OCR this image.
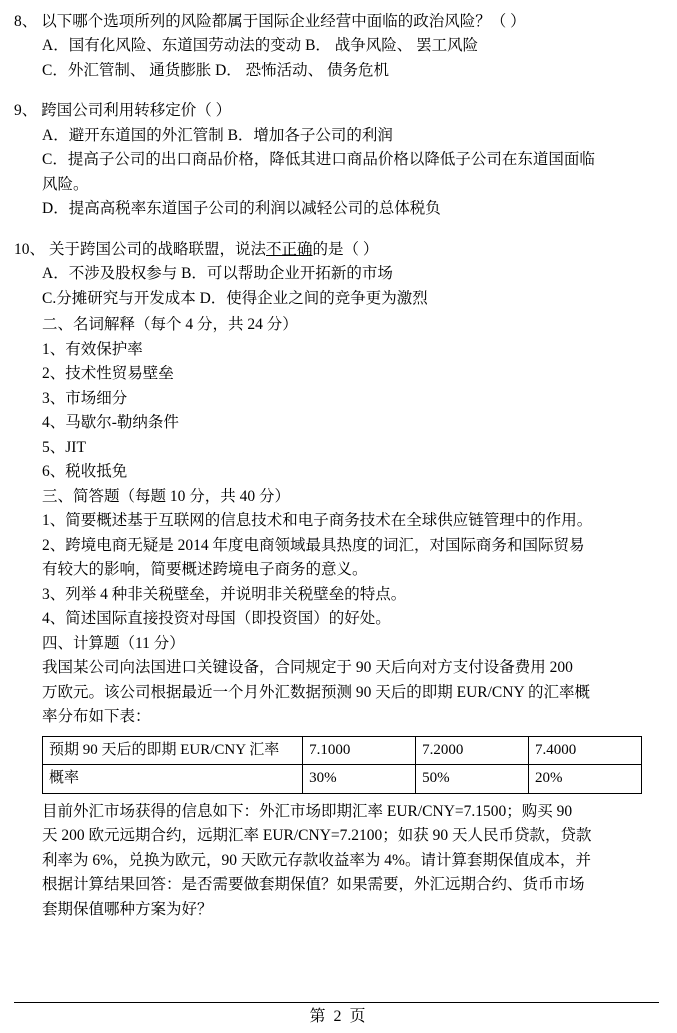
8、 以下哪个选项所列的风险都属于国际企业经营中面临的政治风险？（ ）
A．国有化风险、东道国劳动法的变动 B． 战争风险、 罢工风险
C．外汇管制、 通货膨胀 D． 恐怖活动、 债务危机
9、 跨国公司利用转移定价（ ）
A．避开东道国的外汇管制 B．增加各子公司的利润
C．提高子公司的出口商品价格，降低其进口商品价格以降低子公司在东道国面临
风险。
D．提高高税率东道国子公司的利润以减轻公司的总体税负
10、 关于跨国公司的战略联盟，说法不正确的是（ ）
A．不涉及股权参与 B．可以帮助企业开拓新的市场
C.分摊研究与开发成本 D．使得企业之间的竞争更为激烈
二、名词解释（每个 4 分，共 24 分）
1、有效保护率
2、技术性贸易壁垒
3、市场细分
4、马歇尔-勒纳条件
5、JIT
6、税收抵免
三、简答题（每题 10 分，共 40 分）
1、简要概述基于互联网的信息技术和电子商务技术在全球供应链管理中的作用。
2、跨境电商无疑是 2014 年度电商领域最具热度的词汇，对国际商务和国际贸易
有较大的影响，简要概述跨境电子商务的意义。
3、列举 4 种非关税壁垒，并说明非关税壁垒的特点。
4、简述国际直接投资对母国（即投资国）的好处。
四、计算题（11 分）
我国某公司向法国进口关键设备，合同规定于 90 天后向对方支付设备费用 200
万欧元。该公司根据最近一个月外汇数据预测 90 天后的即期 EUR/CNY 的汇率概
率分布如下表：
预期 90 天后的即期 EUR/CNY 汇率	7.1000	7.2000	7.4000
概率	30%	50%	20%
目前外汇市场获得的信息如下：外汇市场即期汇率 EUR/CNY=7.1500；购买 90
天 200 欧元远期合约，远期汇率 EUR/CNY=7.2100；如获 90 天人民币贷款，贷款
利率为 6%，兑换为欧元，90 天欧元存款收益率为 4%。请计算套期保值成本，并
根据计算结果回答：是否需要做套期保值？如果需要，外汇远期合约、货币市场
套期保值哪种方案为好？
第 2 页
